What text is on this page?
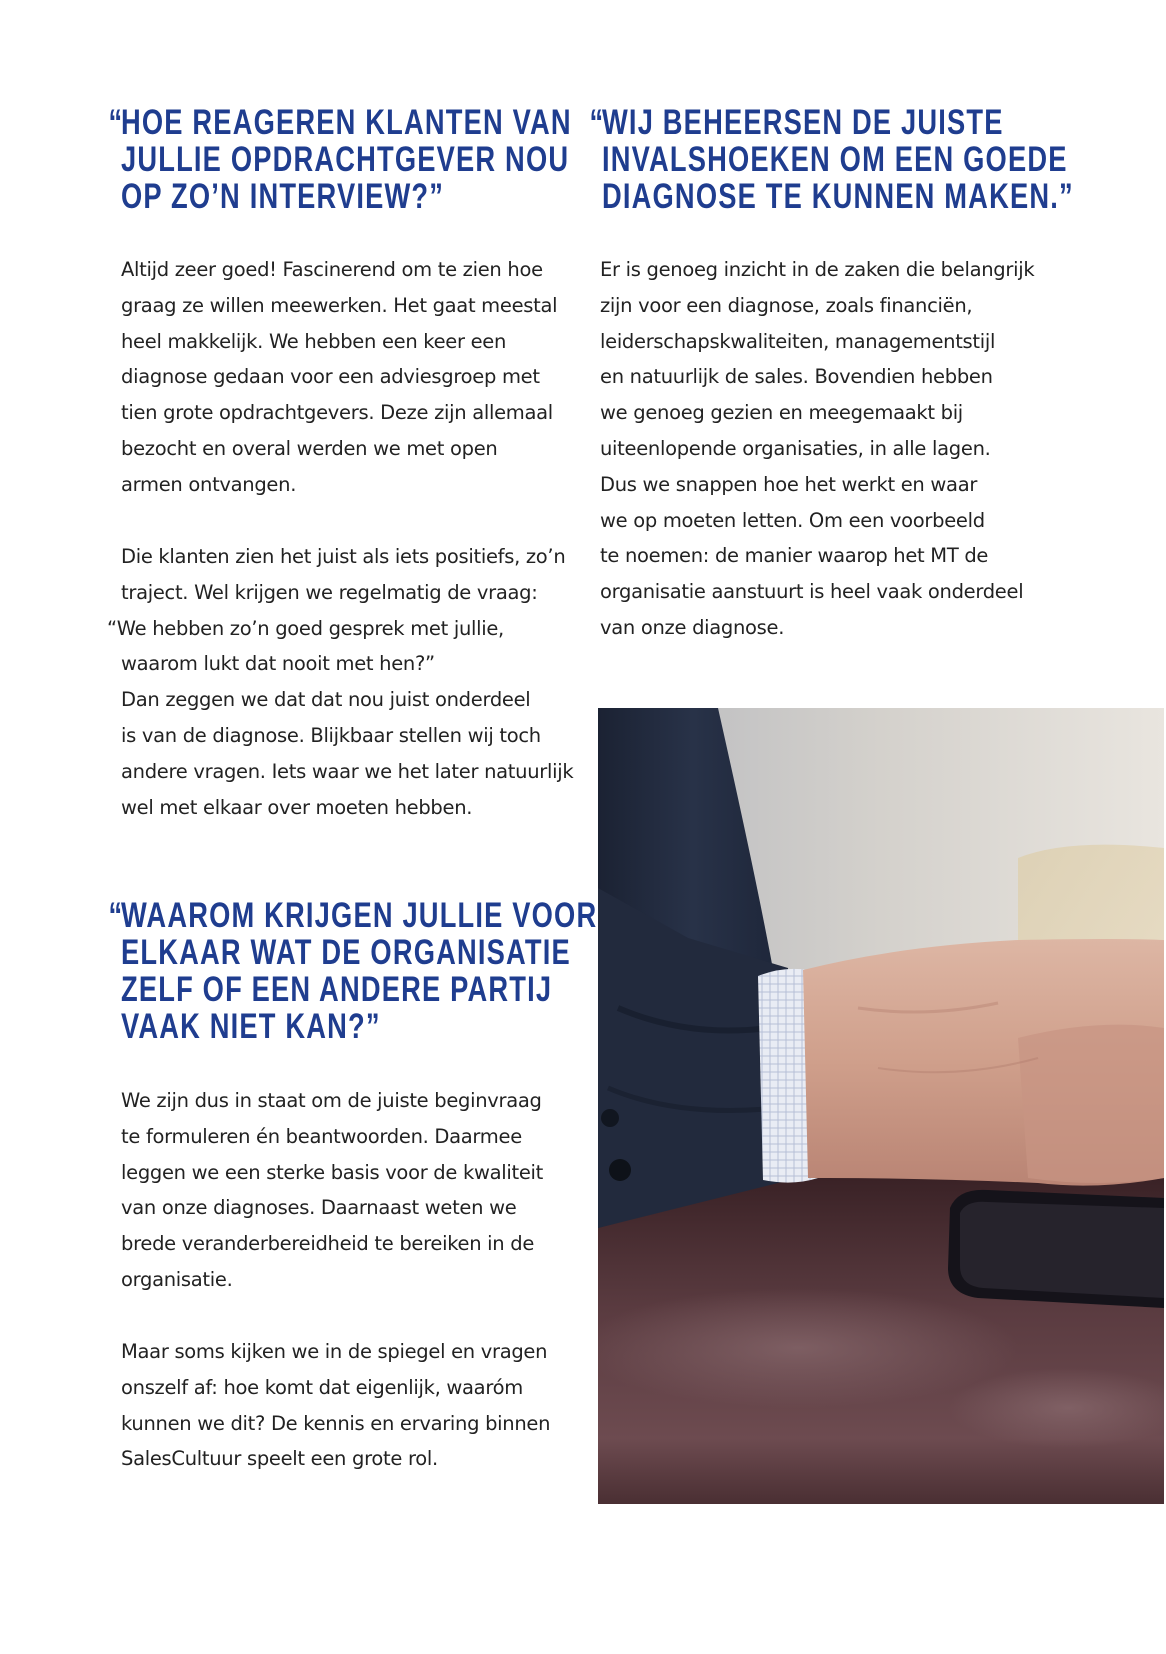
“
HOE REAGEREN KLANTEN VAN
JULLIE OPDRACHTGEVER NOU
OP ZO’N INTERVIEW?”

Altijd zeer goed! Fascinerend om te zien hoe
graag ze willen meewerken. Het gaat meestal
heel makkelijk. We hebben een keer een
diagnose gedaan voor een adviesgroep met
tien grote opdrachtgevers. Deze zijn allemaal
bezocht en overal werden we met open
armen ontvangen.

Die klanten zien het juist als iets positiefs, zo’n
traject. Wel krijgen we regelmatig de vraag:
“We hebben zo’n goed gesprek met jullie,
waarom lukt dat nooit met hen?”
Dan zeggen we dat dat nou juist onderdeel
is van de diagnose. Blijkbaar stellen wij toch
andere vragen. Iets waar we het later natuurlijk
wel met elkaar over moeten hebben.

“
WAAROM KRIJGEN JULLIE VOOR
ELKAAR WAT DE ORGANISATIE
ZELF OF EEN ANDERE PARTIJ
VAAK NIET KAN?”

We zijn dus in staat om de juiste beginvraag
te formuleren én beantwoorden. Daarmee
leggen we een sterke basis voor de kwaliteit
van onze diagnoses. Daarnaast weten we
brede veranderbereidheid te bereiken in de
organisatie.

Maar soms kijken we in de spiegel en vragen
onszelf af: hoe komt dat eigenlijk, waaróm
kunnen we dit? De kennis en ervaring binnen
SalesCultuur speelt een grote rol.

“
WIJ BEHEERSEN DE JUISTE
INVALSHOEKEN OM EEN GOEDE
DIAGNOSE TE KUNNEN MAKEN.”

Er is genoeg inzicht in de zaken die belangrijk
zijn voor een diagnose, zoals financiën,
leiderschapskwaliteiten, managementstijl
en natuurlijk de sales. Bovendien hebben
we genoeg gezien en meegemaakt bij
uiteenlopende organisaties, in alle lagen.
Dus we snappen hoe het werkt en waar
we op moeten letten. Om een voorbeeld
te noemen: de manier waarop het MT de
organisatie aanstuurt is heel vaak onderdeel
van onze diagnose.
